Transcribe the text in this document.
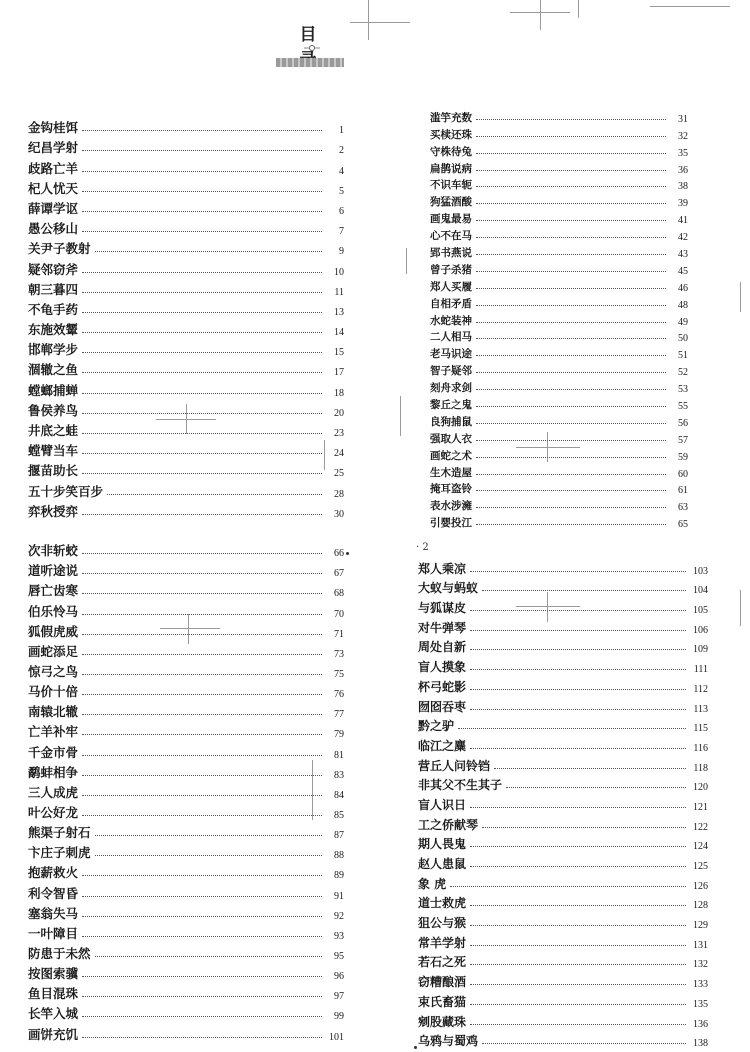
目
· 2
金钩桂饵	1
纪昌学射	2
歧路亡羊	4
杞人忧天	5
薛谭学讴	6
愚公移山	7
关尹子教射	9
疑邻窃斧	10
朝三暮四	11
不龟手药	13
东施效颦	14
邯郸学步	15
涸辙之鱼	17
螳螂捕蝉	18
鲁侯养鸟	20
井底之蛙	23
螳臂当车	24
揠苗助长	25
五十步笑百步	28
弈秋授弈	30
滥竽充数	31
买椟还珠	32
守株待兔	35
扁鹊说病	36
不识车轭	38
狗猛酒酸	39
画鬼最易	41
心不在马	42
郢书燕说	43
曾子杀猪	45
郑人买履	46
自相矛盾	48
水蛇装神	49
二人相马	50
老马识途	51
智子疑邻	52
刻舟求剑	53
黎丘之鬼	55
良狗捕鼠	56
强取人衣	57
画蛇之术	59
生木造屋	60
掩耳盗铃	61
表水涉澭	63
引婴投江	65
次非斩蛟	66
道听途说	67
唇亡齿寒	68
伯乐怜马	70
狐假虎威	71
画蛇添足	73
惊弓之鸟	75
马价十倍	76
南辕北辙	77
亡羊补牢	79
千金市骨	81
鹬蚌相争	83
三人成虎	84
叶公好龙	85
熊渠子射石	87
卞庄子刺虎	88
抱薪救火	89
利令智昏	91
塞翁失马	92
一叶障目	93
防患于未然	95
按图索骥	96
鱼目混珠	97
长竿入城	99
画饼充饥	101
郑人乘凉	103
大蚁与蚂蚁	104
与狐谋皮	105
对牛弹琴	106
周处自新	109
盲人摸象	111
杯弓蛇影	112
囫囵吞枣	113
黔之驴	115
临江之麋	116
营丘人问铃铛	118
非其父不生其子	120
盲人识日	121
工之侨献琴	122
期人畏鬼	124
赵人患鼠	125
象 虎	126
道士救虎	128
狙公与猴	129
常羊学射	131
若石之死	132
窃糟酿酒	133
束氏畜猫	135
剜股藏珠	136
乌鸦与蜀鸡	138
